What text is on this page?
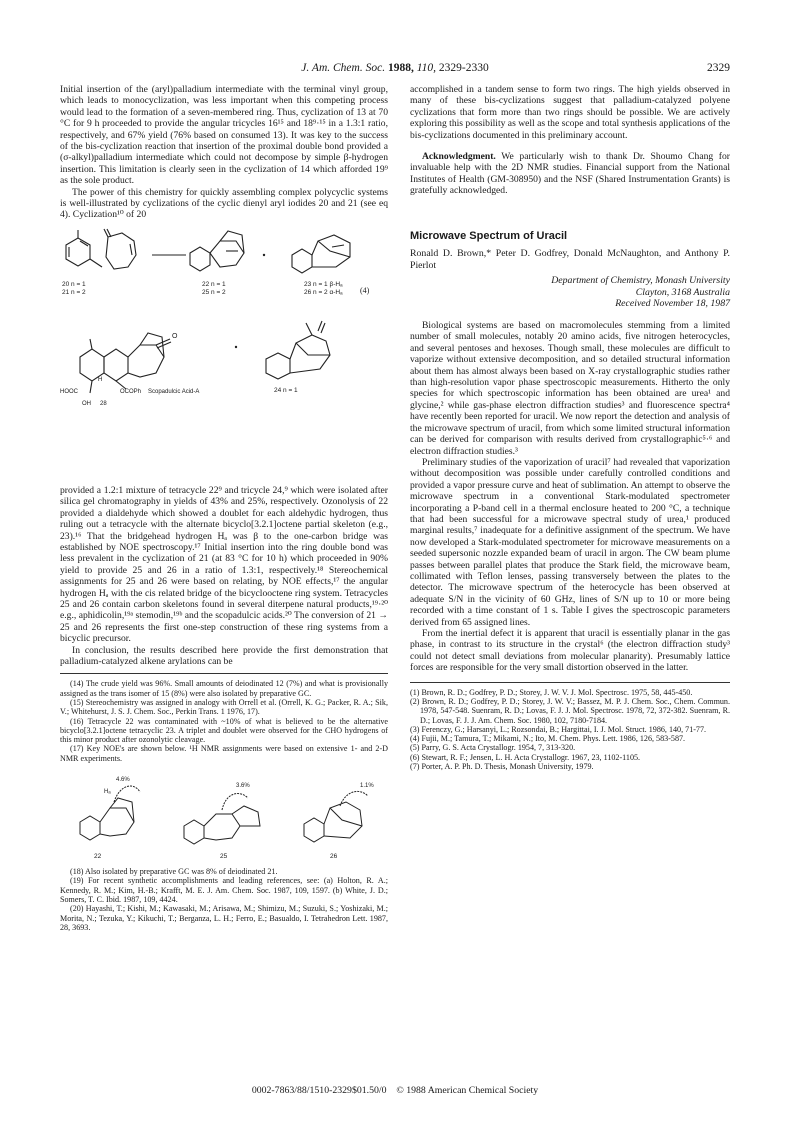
J. Am. Chem. Soc. 1988, 110, 2329-2330	2329

Initial insertion of the (aryl)palladium intermediate with the terminal vinyl group, which leads to monocyclization, was less important when this competing process would lead to the formation of a seven-membered ring. Thus, cyclization of 13 at 70 °C for 9 h proceeded to provide the angular tricycles 16¹⁵ and 18⁹·¹⁵ in a 1.3:1 ratio, respectively, and 67% yield (76% based on consumed 13). It was key to the success of the bis-cyclization reaction that insertion of the proximal double bond provided a (σ-alkyl)palladium intermediate which could not decompose by simple β-hydrogen insertion. This limitation is clearly seen in the cyclization of 14 which afforded 19⁹ as the sole product.

The power of this chemistry for quickly assembling complex polycyclic systems is well-illustrated by cyclizations of the cyclic dienyl aryl iodides 20 and 21 (see eq 4). Cyclization¹⁰ of 20

20 n = 1
21 n = 2
22 n = 1
25 n = 2
23 n = 1 β-Hₐ
26 n = 2 α-Hₐ (4)
O
HOOC
H
OCOPh Scopadulcic Acid-A
OH 28
24 n = 1

provided a 1.2:1 mixture of tetracycle 22⁹ and tricycle 24,⁹ which were isolated after silica gel chromatography in yields of 43% and 25%, respectively. Ozonolysis of 22 provided a dialdehyde which showed a doublet for each aldehydic hydrogen, thus ruling out a tetracycle with the alternate bicyclo[3.2.1]octene partial skeleton (e.g., 23).¹⁶ That the bridgehead hydrogen Hₐ was β to the one-carbon bridge was established by NOE spectroscopy.¹⁷ Initial insertion into the ring double bond was less prevalent in the cyclization of 21 (at 83 °C for 10 h) which proceeded in 90% yield to provide 25 and 26 in a ratio of 1.3:1, respectively.¹⁸ Stereochemical assignments for 25 and 26 were based on relating, by NOE effects,¹⁷ the angular hydrogen Hₐ with the cis related bridge of the bicyclooctene ring system. Tetracycles 25 and 26 contain carbon skeletons found in several diterpene natural products,¹⁹·²⁰ e.g., aphidicolin,¹⁹ᵃ stemodin,¹⁹ᵇ and the scopadulcic acids.²⁰ The conversion of 21 → 25 and 26 represents the first one-step construction of these ring systems from a bicyclic precursor.

In conclusion, the results described here provide the first demonstration that palladium-catalyzed alkene arylations can be

(14) The crude yield was 96%. Small amounts of deiodinated 12 (7%) and what is provisionally assigned as the trans isomer of 15 (8%) were also isolated by preparative GC.

(15) Stereochemistry was assigned in analogy with Orrell et al. (Orrell, K. G.; Packer, R. A.; Sik, V.; Whitehurst, J. S. J. Chem. Soc., Perkin Trans. 1 1976, 17).

(16) Tetracycle 22 was contaminated with ~10% of what is believed to be the alternative bicyclo[3.2.1]octene tetracyclic 23. A triplet and doublet were observed for the CHO hydrogens of this minor product after ozonolytic cleavage.

(17) Key NOE's are shown below. ¹H NMR assignments were based on extensive 1- and 2-D NMR experiments.

4.6%
3.6%	1.1%
Hₐ
22	25	26

(18) Also isolated by preparative GC was 8% of deiodinated 21.

(19) For recent synthetic accomplishments and leading references, see: (a) Holton, R. A.; Kennedy, R. M.; Kim, H.-B.; Krafft, M. E. J. Am. Chem. Soc. 1987, 109, 1597. (b) White, J. D.; Somers, T. C. Ibid. 1987, 109, 4424.

(20) Hayashi, T.; Kishi, M.; Kawasaki, M.; Arisawa, M.; Shimizu, M.; Suzuki, S.; Yoshizaki, M.; Morita, N.; Tezuka, Y.; Kikuchi, T.; Berganza, L. H.; Ferro, E.; Basualdo, I. Tetrahedron Lett. 1987, 28, 3693.

accomplished in a tandem sense to form two rings. The high yields observed in many of these bis-cyclizations suggest that palladium-catalyzed polyene cyclizations that form more than two rings should be possible. We are actively exploring this possibility as well as the scope and total synthesis applications of the bis-cyclizations documented in this preliminary account.

Acknowledgment. We particularly wish to thank Dr. Shoumo Chang for invaluable help with the 2D NMR studies. Financial support from the National Institutes of Health (GM-308950) and the NSF (Shared Instrumentation Grants) is gratefully acknowledged.

Microwave Spectrum of Uracil
Ronald D. Brown,* Peter D. Godfrey, Donald McNaughton, and Anthony P. Pierlot
Department of Chemistry, Monash University
Clayton, 3168 Australia
Received November 18, 1987

Biological systems are based on macromolecules stemming from a limited number of small molecules, notably 20 amino acids, five nitrogen heterocycles, and several pentoses and hexoses. Though small, these molecules are difficult to vaporize without extensive decomposition, and so detailed structural information about them has almost always been based on X-ray crystallographic studies rather than high-resolution vapor phase spectroscopic measurements. Hitherto the only species for which spectroscopic information has been obtained are urea¹ and glycine,² while gas-phase electron diffraction studies³ and fluorescence spectra⁴ have recently been reported for uracil. We now report the detection and analysis of the microwave spectrum of uracil, from which some limited structural information can be derived for comparison with results derived from crystallographic⁵·⁶ and electron diffraction studies.³

Preliminary studies of the vaporization of uracil⁷ had revealed that vaporization without decomposition was possible under carefully controlled conditions and provided a vapor pressure curve and heat of sublimation. An attempt to observe the microwave spectrum in a conventional Stark-modulated spectrometer incorporating a P-band cell in a thermal enclosure heated to 200 °C, a technique that had been successful for a microwave spectral study of urea,¹ produced marginal results,⁷ inadequate for a definitive assignment of the spectrum. We have now developed a Stark-modulated spectrometer for microwave measurements on a seeded supersonic nozzle expanded beam of uracil in argon. The CW beam plume passes between parallel plates that produce the Stark field, the microwave beam, collimated with Teflon lenses, passing transversely between the plates to the detector. The microwave spectrum of the heterocycle has been observed at adequate S/N in the vicinity of 60 GHz, lines of S/N up to 10 or more being recorded with a time constant of 1 s. Table I gives the spectroscopic parameters derived from 65 assigned lines.

From the inertial defect it is apparent that uracil is essentially planar in the gas phase, in contrast to its structure in the crystal⁶ (the electron diffraction study³ could not detect small deviations from molecular planarity). Presumably lattice forces are responsible for the very small distortion observed in the latter.

(1) Brown, R. D.; Godfrey, P. D.; Storey, J. W. V. J. Mol. Spectrosc. 1975, 58, 445-450.

(2) Brown, R. D.; Godfrey, P. D.; Storey, J. W. V.; Bassez, M. P. J. Chem. Soc., Chem. Commun. 1978, 547-548. Suenram, R. D.; Lovas, F. J. J. Mol. Spectrosc. 1978, 72, 372-382. Suenram, R. D.; Lovas, F. J. J. Am. Chem. Soc. 1980, 102, 7180-7184.

(3) Ferenczy, G.; Harsanyi, L.; Rozsondai, B.; Hargittai, I. J. Mol. Struct. 1986, 140, 71-77.

(4) Fujii, M.; Tamura, T.; Mikami, N.; Ito, M. Chem. Phys. Lett. 1986, 126, 583-587.

(5) Parry, G. S. Acta Crystallogr. 1954, 7, 313-320.

(6) Stewart, R. F.; Jensen, L. H. Acta Crystallogr. 1967, 23, 1102-1105.

(7) Porter, A. P. Ph. D. Thesis, Monash University, 1979.

0002-7863/88/1510-2329$01.50/0 © 1988 American Chemical Society
